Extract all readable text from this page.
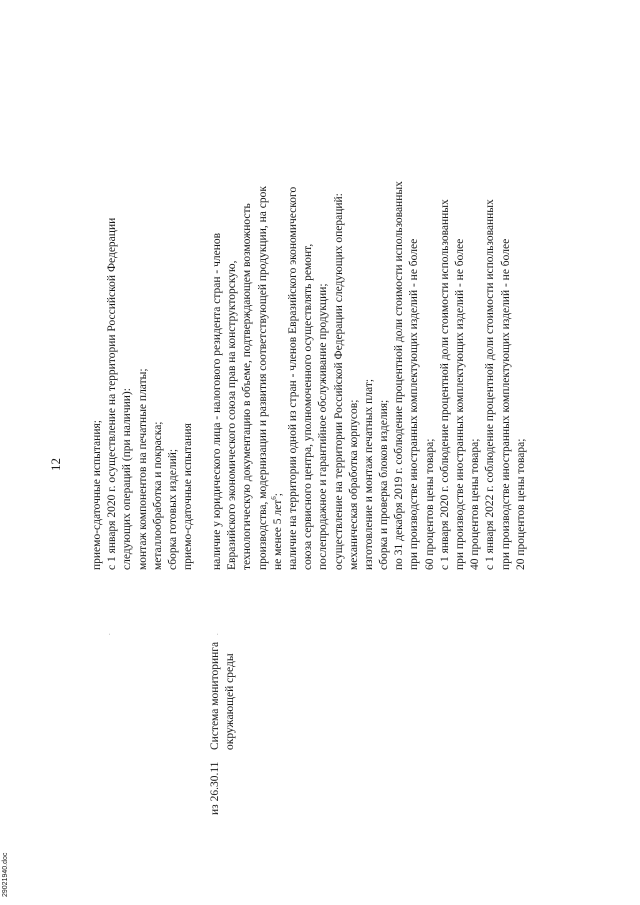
29021940.doc
12
.	.
из 26.30.11
Система мониторинга окружающей среды
приемо-сдаточные испытания; с 1 января 2020 г. осуществление на территории Российской Федерации следующих операций (при наличии): монтаж компонентов на печатные платы; металлообработка и покраска; сборка готовых изделий; приемо-сдаточные испытания наличие у юридического лица - налогового резидента стран - членов Евразийского экономического союза прав на конструкторскую, технологическую документацию в объеме, подтверждающем возможность производства, модернизации и развития соответствующей продукции, на срок не менее 5 лет$^6$; наличие на территории одной из стран - членов Евразийского экономического союза сервисного центра, уполномоченного осуществлять ремонт, послепродажное и гарантийное обслуживание продукции; осуществление на территории Российской Федерации следующих операций: механическая обработка корпусов; изготовление и монтаж печатных плат; сборка и проверка блоков изделия; по 31 декабря 2019 г. соблюдение процентной доли стоимости использованных при производстве иностранных комплектующих изделий - не более 60 процентов цены товара; с 1 января 2020 г. соблюдение процентной доли стоимости использованных при производстве иностранных комплектующих изделий - не более 40 процентов цены товара; с 1 января 2022 г. соблюдение процентной доли стоимости использованных при производстве иностранных комплектующих изделий - не более 20 процентов цены товара;
